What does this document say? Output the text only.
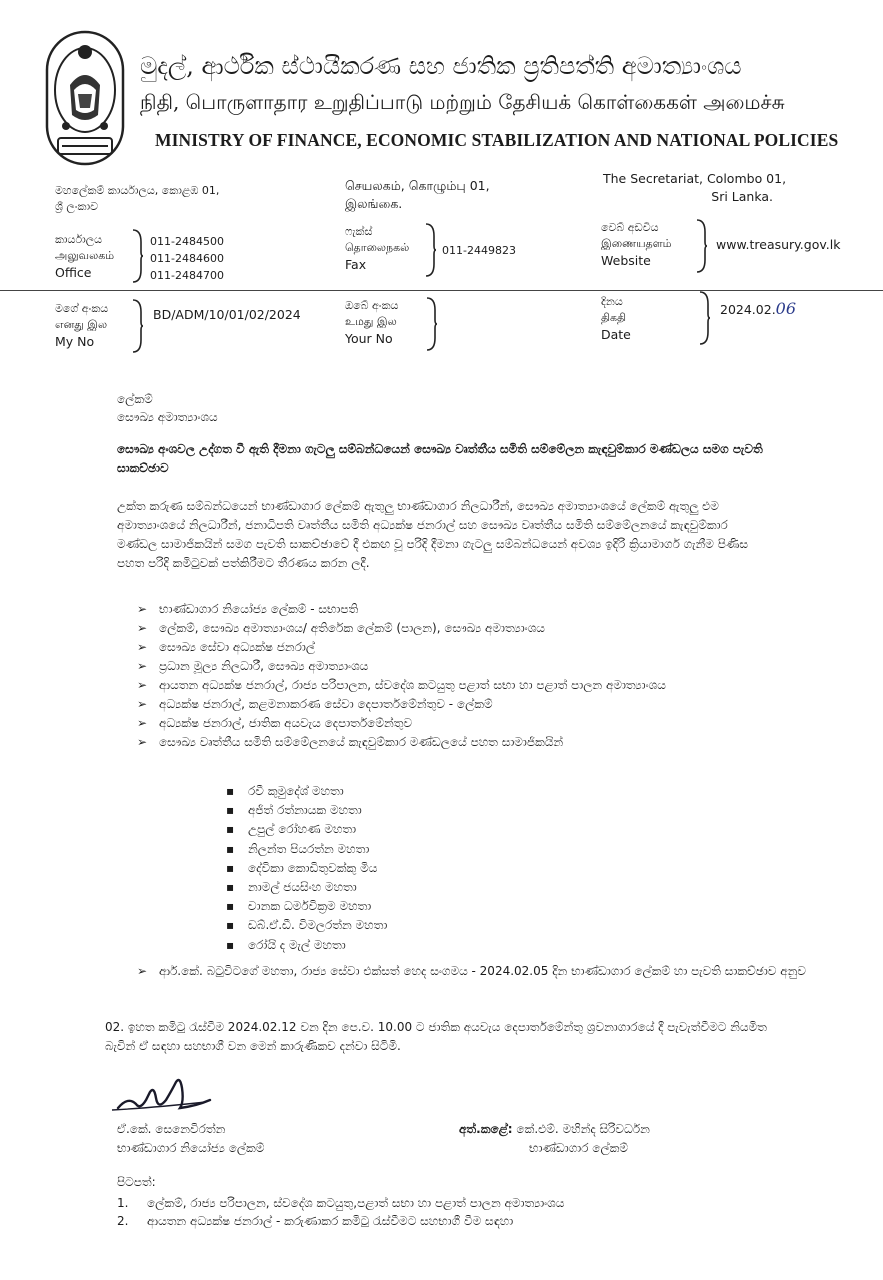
මුදල්, ආර්ථික ස්ථායීකරණ සහ ජාතික ප්‍රතිපත්ති අමාත්‍යාංශය
நிதி, பொருளாதார உறுதிப்பாடு மற்றும் தேசியக் கொள்கைகள் அமைச்சு
MINISTRY OF FINANCE, ECONOMIC STABILIZATION AND NATIONAL POLICIES
මහලේකම් කාර්යාලය, කොළඹ 01,
ශ්‍රී ලංකාව
செயலகம், கொழும்பு 01,
இலங்கை.
The Secretariat, Colombo 01,
Sri Lanka.
කාර්යාලය
அலுவலகம்
Office
011-2484500
011-2484600
011-2484700
ෆැක්ස්
தொலைநகல்
Fax
011-2449823
වෙබ් අඩවිය
இணையதளம்
Website
www.treasury.gov.lk
මගේ අංකය
எனது இல
My No
BD/ADM/10/01/02/2024
ඔබේ අංකය
உமது இல
Your No
දිනය
திகதி
Date
2024.02.06
ලේකම්
සෞඛ්‍ය අමාත්‍යාංශය
සෞඛ්‍ය අංශවල උද්ගත වී ඇති දීමනා ගැටලු සම්බන්ධයෙන් සෞඛ්‍ය වෘත්තීය සමිති සම්මේලන කැඳවුම්කාර මණ්ඩලය සමග පැවති සාකච්ඡාව
උක්ත කරුණ සම්බන්ධයෙන් භාණ්ඩාගාර ලේකම් ඇතුලු භාණ්ඩාගාර නිලධාරීන්, සෞඛ්‍ය අමාත්‍යාංශයේ ලේකම් ඇතුලු එම අමාත්‍යාංශයේ නිලධාරීන්, ජනාධිපති වෘත්තීය සමිති අධ්‍යක්ෂ ජනරාල් සහ සෞඛ්‍ය වෘත්තීය සමිති සම්මේලනයේ කැඳවුම්කාර මණ්ඩල සාමාජිකයින් සමග පැවති සාකච්ඡාවේ දී එකඟ වූ පරිදි දීමනා ගැටලු සම්බන්ධයෙන් අවශ්‍ය ඉදිරි ක්‍රියාමාර්ග ගැනීම පිණිස පහත පරිදි කමිටුවක් පත්කිරීමට තීරණය කරන ලදී.
➢ භාණ්ඩාගාර නියෝජ්‍ය ලේකම් - සභාපති
➢ ලේකම්, සෞඛ්‍ය අමාත්‍යාංශය/ අතිරේක ලේකම් (පාලන), සෞඛ්‍ය අමාත්‍යාංශය
➢ සෞඛ්‍ය සේවා අධ්‍යක්ෂ ජනරාල්
➢ ප්‍රධාන මූල්‍ය නිලධාරී, සෞඛ්‍ය අමාත්‍යාංශය
➢ ආයතන අධ්‍යක්ෂ ජනරාල්, රාජ්‍ය පරිපාලන, ස්වදේශ කටයුතු පළාත් සභා හා පළාත් පාලන අමාත්‍යාංශය
➢ අධ්‍යක්ෂ ජනරාල්, කළමනාකරණ සේවා දෙපාර්තමේන්තුව - ලේකම්
➢ අධ්‍යක්ෂ ජනරාල්, ජාතික අයවැය දෙපාර්තමේන්තුව
➢ සෞඛ්‍ය වෘත්තීය සමිති සම්මේලනයේ කැඳවුම්කාර මණ්ඩලයේ පහත සාමාජිකයින්
▪ රවී කුමුදේශ් මහතා
▪ අජිත් රත්නායක මහතා
▪ උපුල් රෝහණ මහතා
▪ නිලන්ත පියරත්න මහතා
▪ දේවිකා කොඩිතුවක්කු මිය
▪ නාමල් ජයසිංහ මහතා
▪ චානක ධර්මවික්‍රම මහතා
▪ ඩබ්.ඒ.ඩී. විමලරත්න මහතා
▪ රෝයි ද මැල් මහතා
➢ ආර්.කේ. බටුවිටගේ මහතා, රාජ්‍ය සේවා එක්සත් හෙද සංගමය - 2024.02.05 දින භාණ්ඩාගාර ලේකම් හා පැවති සාකච්ඡාව අනුව
02. ඉහත කමිටු රැස්වීම 2024.02.12 වන දින පෙ.ව. 10.00 ට ජාතික අයවැය දෙපාර්තමේන්තු ශ්‍රවනාගාරයේ දී පැවැත්වීමට නියමිත බැවින් ඒ සඳහා සහභාගී වන මෙන් කාරුණිකව දන්වා සිටිමි.
ඒ.කේ. සෙනෙවිරත්න
භාණ්ඩාගාර නියෝජ්‍ය ලේකම්
අත්.කළේ: කේ.එම්. මහින්ද සිරිවර්ධන
භාණ්ඩාගාර ලේකම්
පිටපත්:
1. ලේකම්, රාජ්‍ය පරිපාලන, ස්වදේශ කටයුතු,පළාත් සභා හා පළාත් පාලන අමාත්‍යාංශය
2. ආයතන අධ්‍යක්ෂ ජනරාල් - කරුණාකර කමිටු රැස්වීමට සහභාගී වීම සඳහා
